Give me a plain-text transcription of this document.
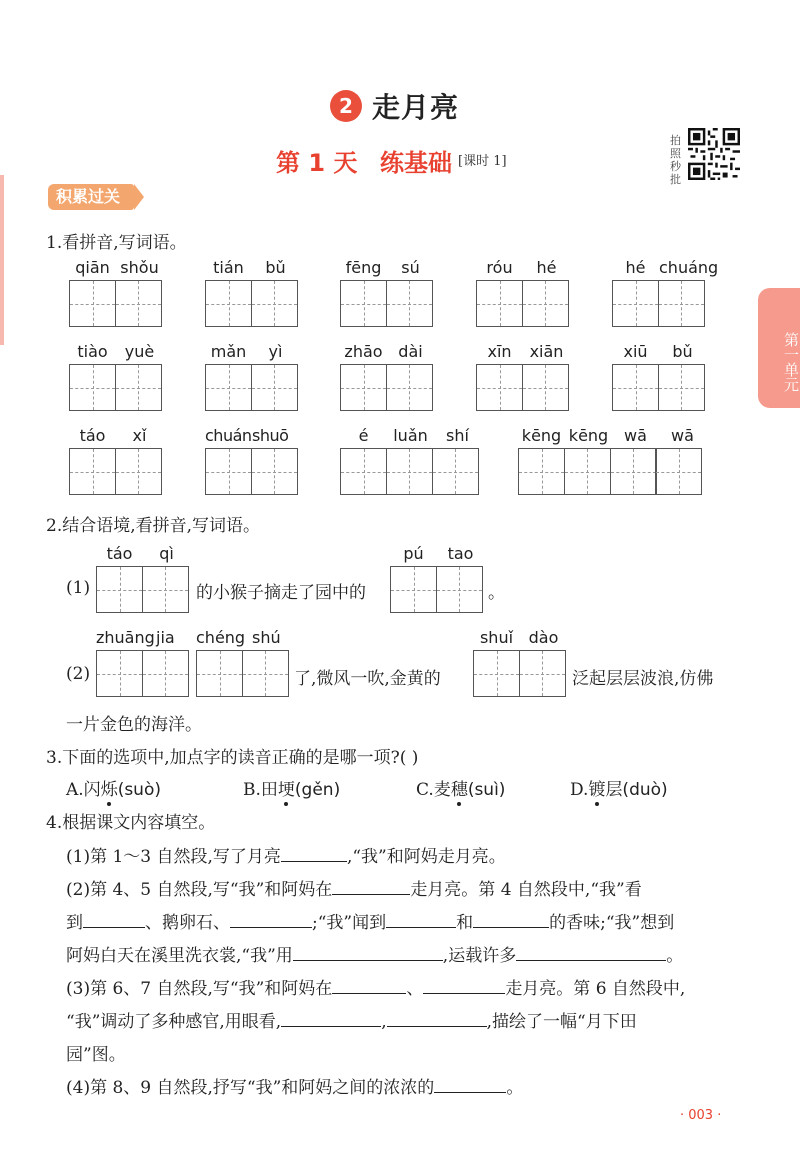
2 走月亮
第 1 天 练基础 [课时 1]
拍照秒批
第一单元
积累过关
1.看拼音,写词语。
qiān shǒu	tián bǔ	fēng sú	róu hé	hé chuáng
tiào yuè	mǎn yì	zhāo dài	xīn xiān	xiū bǔ
táo xǐ	chuánshuō	é luǎn shí	kēng kēng wā wā
2.结合语境,看拼音,写词语。
(1)
táo qì
的小猴子摘走了园中的
pú tao
。
(2)
zhuāngjia	chéng shú
了,微风一吹,金黄的
shuǐ dào
泛起层层波浪,仿佛
一片金色的海洋。
3.下面的选项中,加点字的读音正确的是哪一项?( )
A.闪烁(suò)	B.田埂(gěn)	C.麦穗(suì)	D.镀层(duò)
4.根据课文内容填空。
(1)第 1～3 自然段,写了月亮	,“我”和阿妈走月亮。
(2)第 4、5 自然段,写“我”和阿妈在	走月亮。第 4 自然段中,“我”看
到	、鹅卵石、	;“我”闻到	和	的香味;“我”想到
阿妈白天在溪里洗衣裳,“我”用	,运载许多	。
(3)第 6、7 自然段,写“我”和阿妈在	、	走月亮。第 6 自然段中,
“我”调动了多种感官,用眼看,	,	,描绘了一幅“月下田
园”图。
(4)第 8、9 自然段,抒写“我”和阿妈之间的浓浓的	。
· 003 ·
